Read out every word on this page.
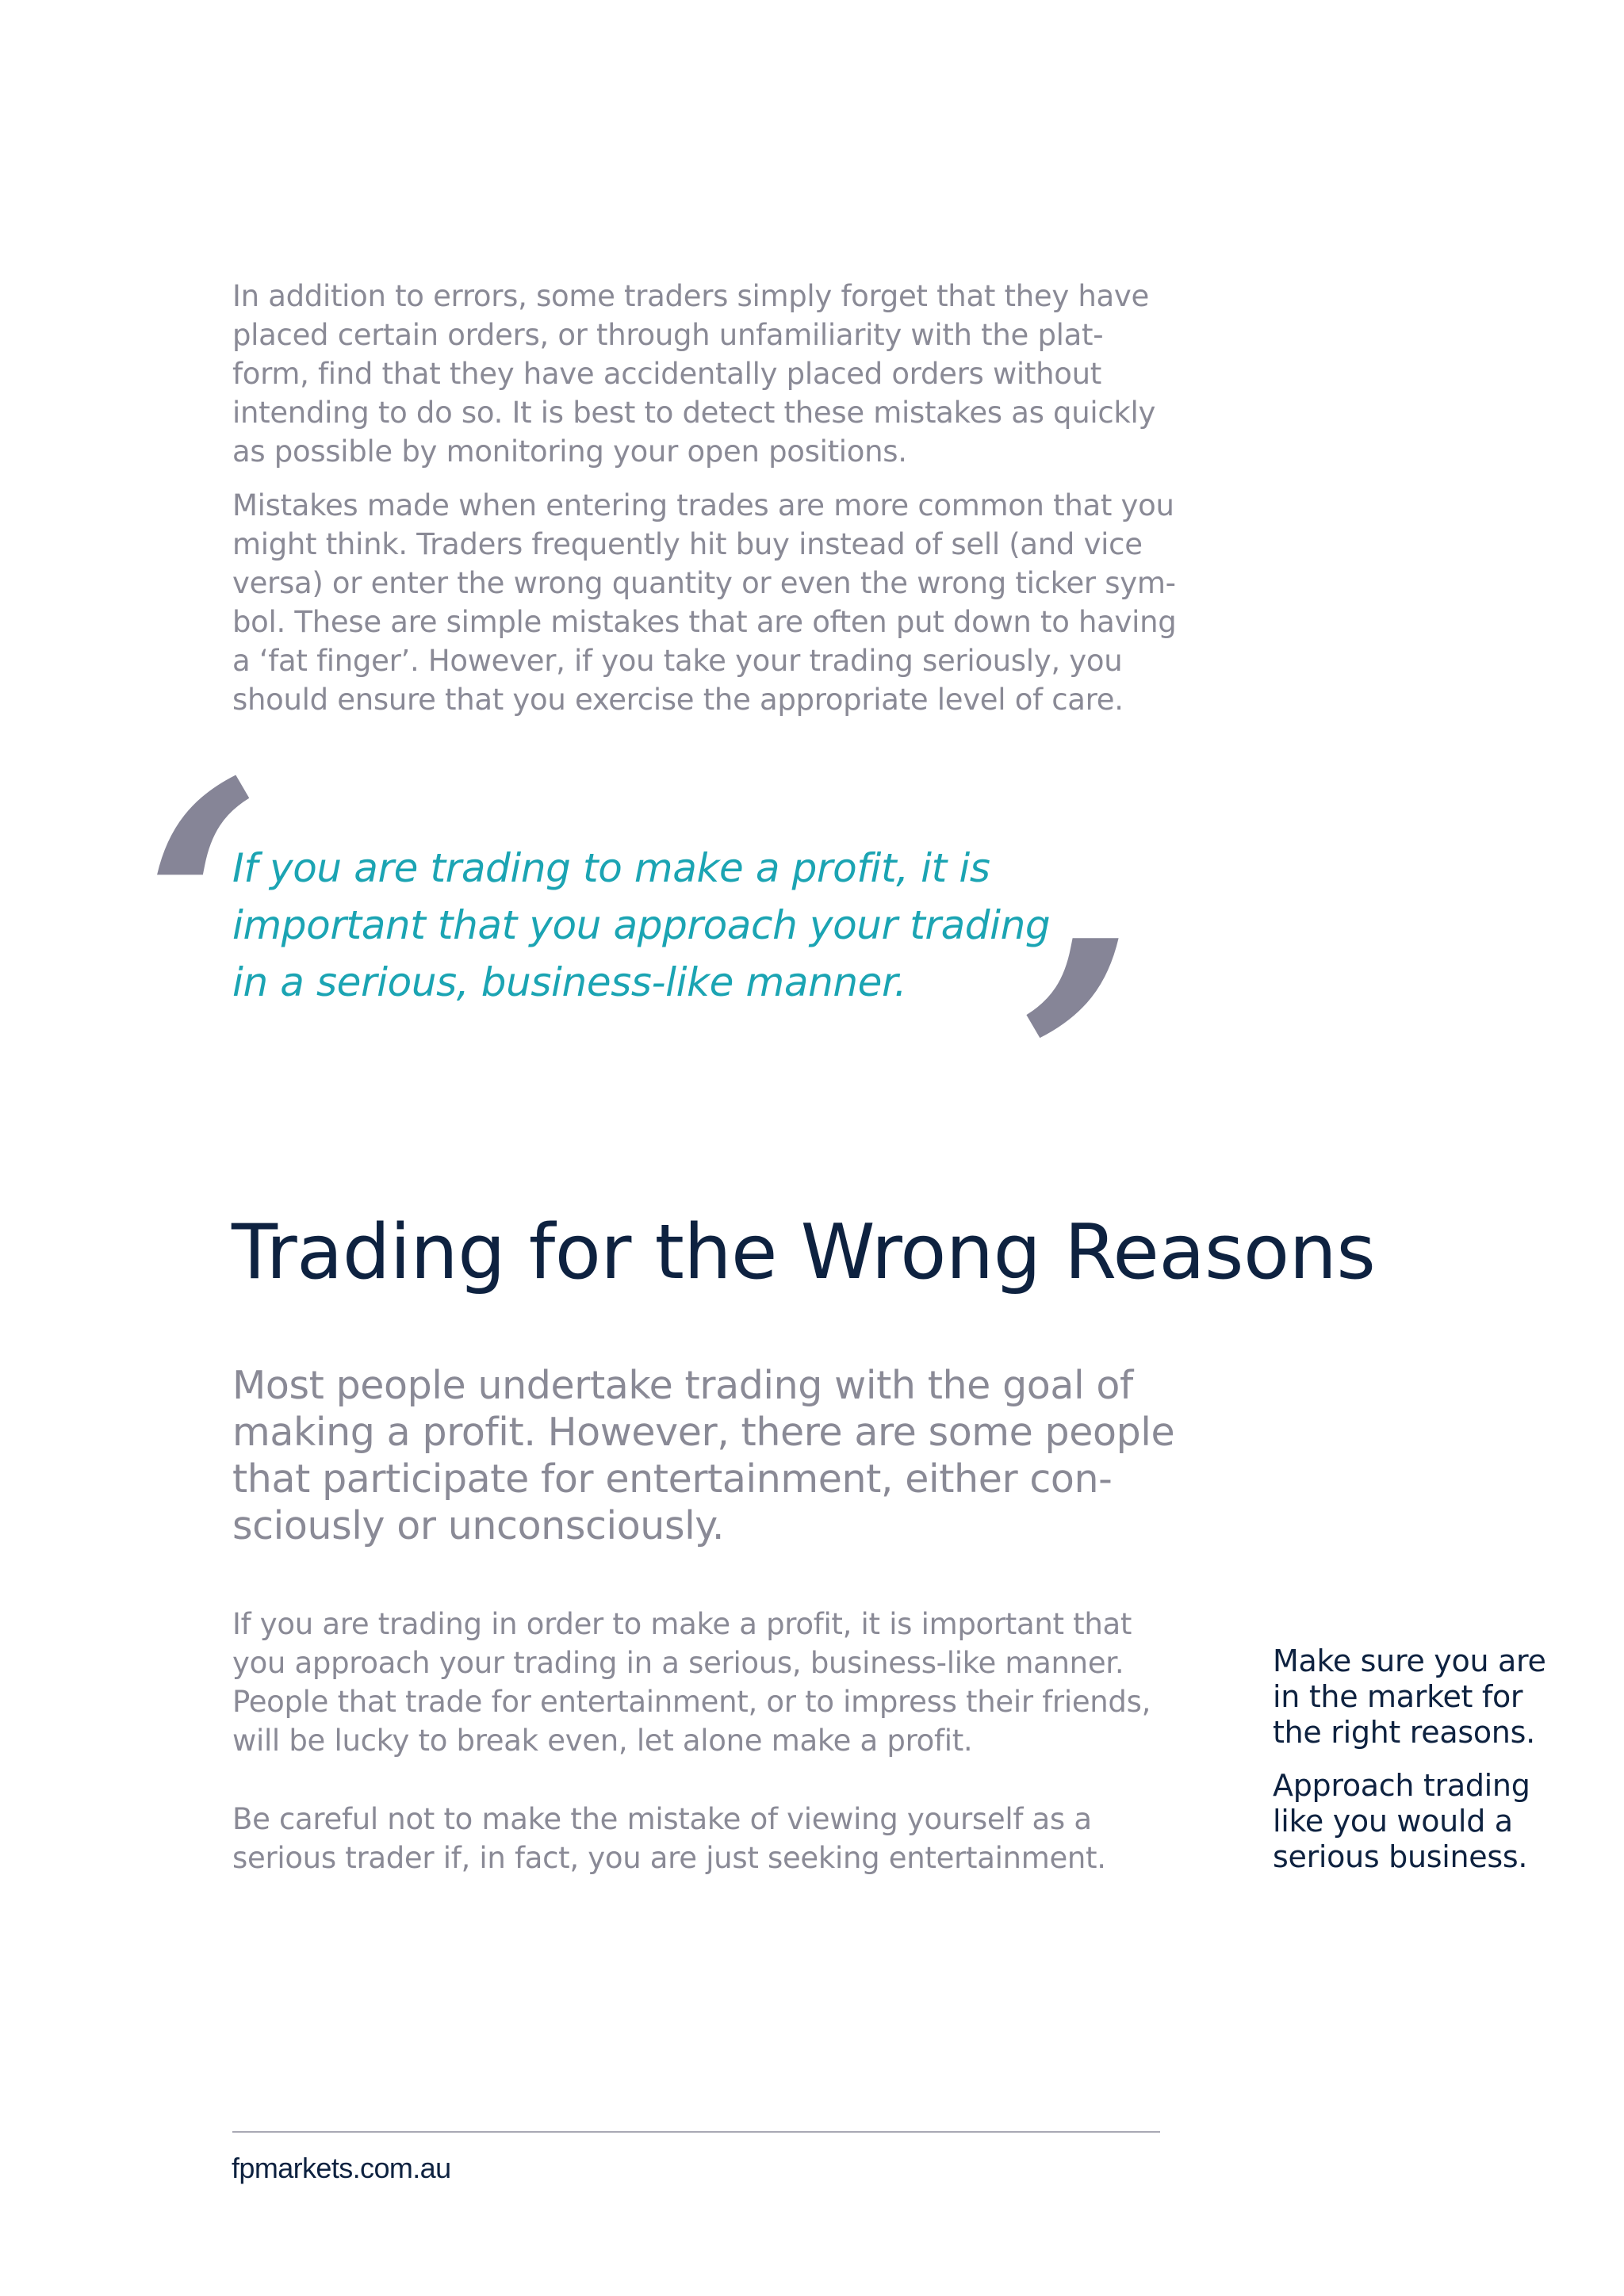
In addition to errors, some traders simply forget that they have
placed certain orders, or through unfamiliarity with the plat-
form, find that they have accidentally placed orders without
intending to do so. It is best to detect these mistakes as quickly
as possible by monitoring your open positions.

Mistakes made when entering trades are more common that you
might think. Traders frequently hit buy instead of sell (and vice
versa) or enter the wrong quantity or even the wrong ticker sym-
bol. These are simple mistakes that are often put down to having
a ‘fat finger’. However, if you take your trading seriously, you
should ensure that you exercise the appropriate level of care.

‘

If you are trading to make a profit, it is
important that you approach your trading
in a serious, business-like manner. ’
Trading for the Wrong Reasons

Most people undertake trading with the goal of
making a profit. However, there are some people
that participate for entertainment, either con-
sciously or unconsciously.

If you are trading in order to make a profit, it is important that
you approach your trading in a serious, business-like manner.
People that trade for entertainment, or to impress their friends,
will be lucky to break even, let alone make a profit.

Be careful not to make the mistake of viewing yourself as a
serious trader if, in fact, you are just seeking entertainment.

Make sure you are
in the market for
the right reasons.

Approach trading
like you would a
serious business.

fpmarkets.com.au
